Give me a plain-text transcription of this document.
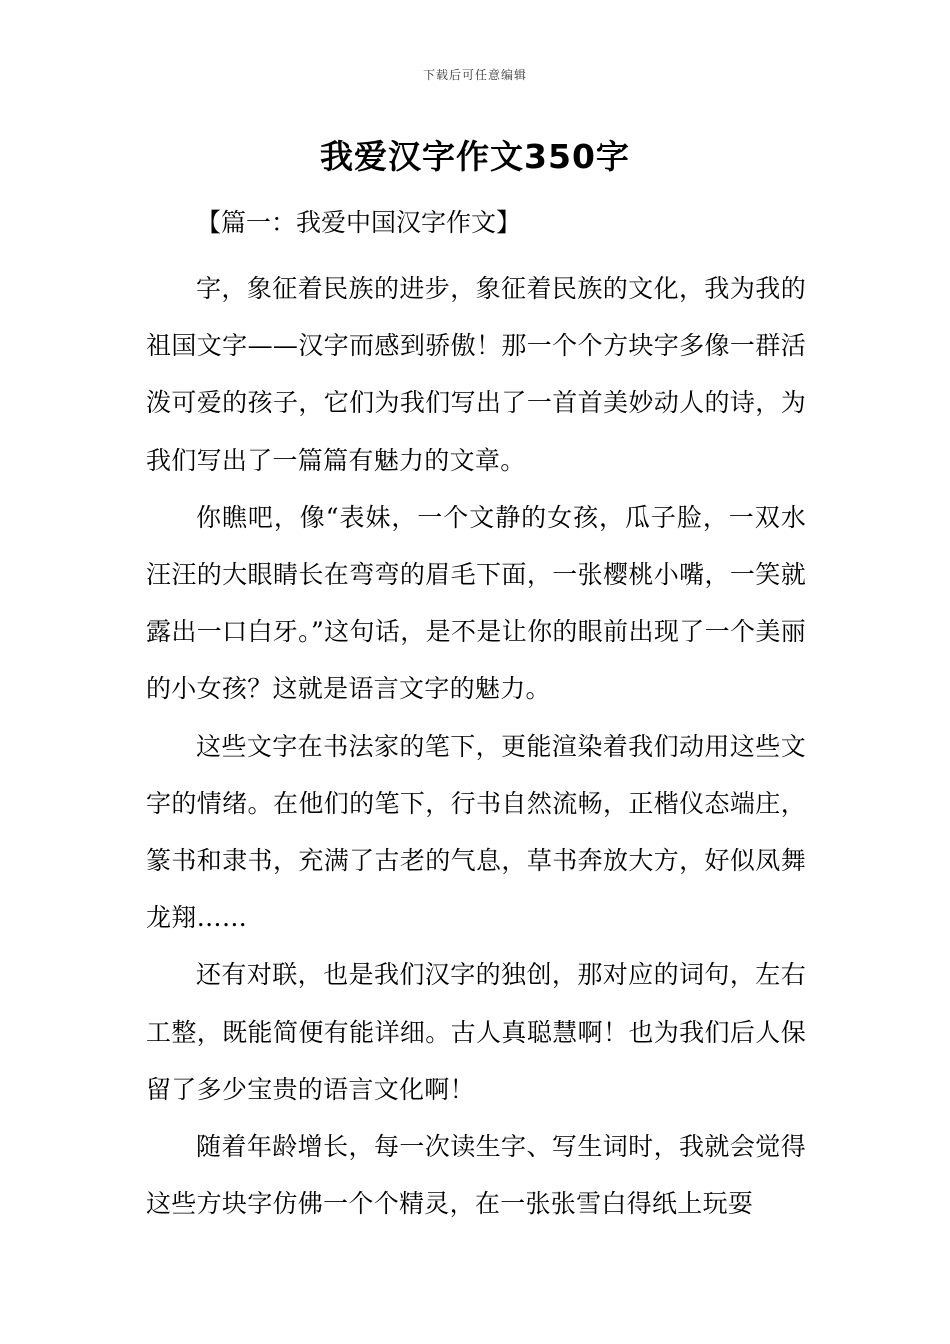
下载后可任意编辑
我爱汉字作文350字
【篇一：我爱中国汉字作文】

字，象征着民族的进步，象征着民族的文化，我为我的祖国文字——汉字而感到骄傲！那一个个方块字多像一群活泼可爱的孩子，它们为我们写出了一首首美妙动人的诗，为我们写出了一篇篇有魅力的文章。

你瞧吧，像“表妹，一个文静的女孩，瓜子脸，一双水汪汪的大眼睛长在弯弯的眉毛下面，一张樱桃小嘴，一笑就露出一口白牙。”这句话，是不是让你的眼前出现了一个美丽的小女孩？这就是语言文字的魅力。

这些文字在书法家的笔下，更能渲染着我们动用这些文字的情绪。在他们的笔下，行书自然流畅，正楷仪态端庄，篆书和隶书，充满了古老的气息，草书奔放大方，好似凤舞龙翔……

还有对联，也是我们汉字的独创，那对应的词句，左右工整，既能简便有能详细。古人真聪慧啊！也为我们后人保留了多少宝贵的语言文化啊！

随着年龄增长，每一次读生字、写生词时，我就会觉得这些方块字仿佛一个个精灵，在一张张雪白得纸上玩耍
